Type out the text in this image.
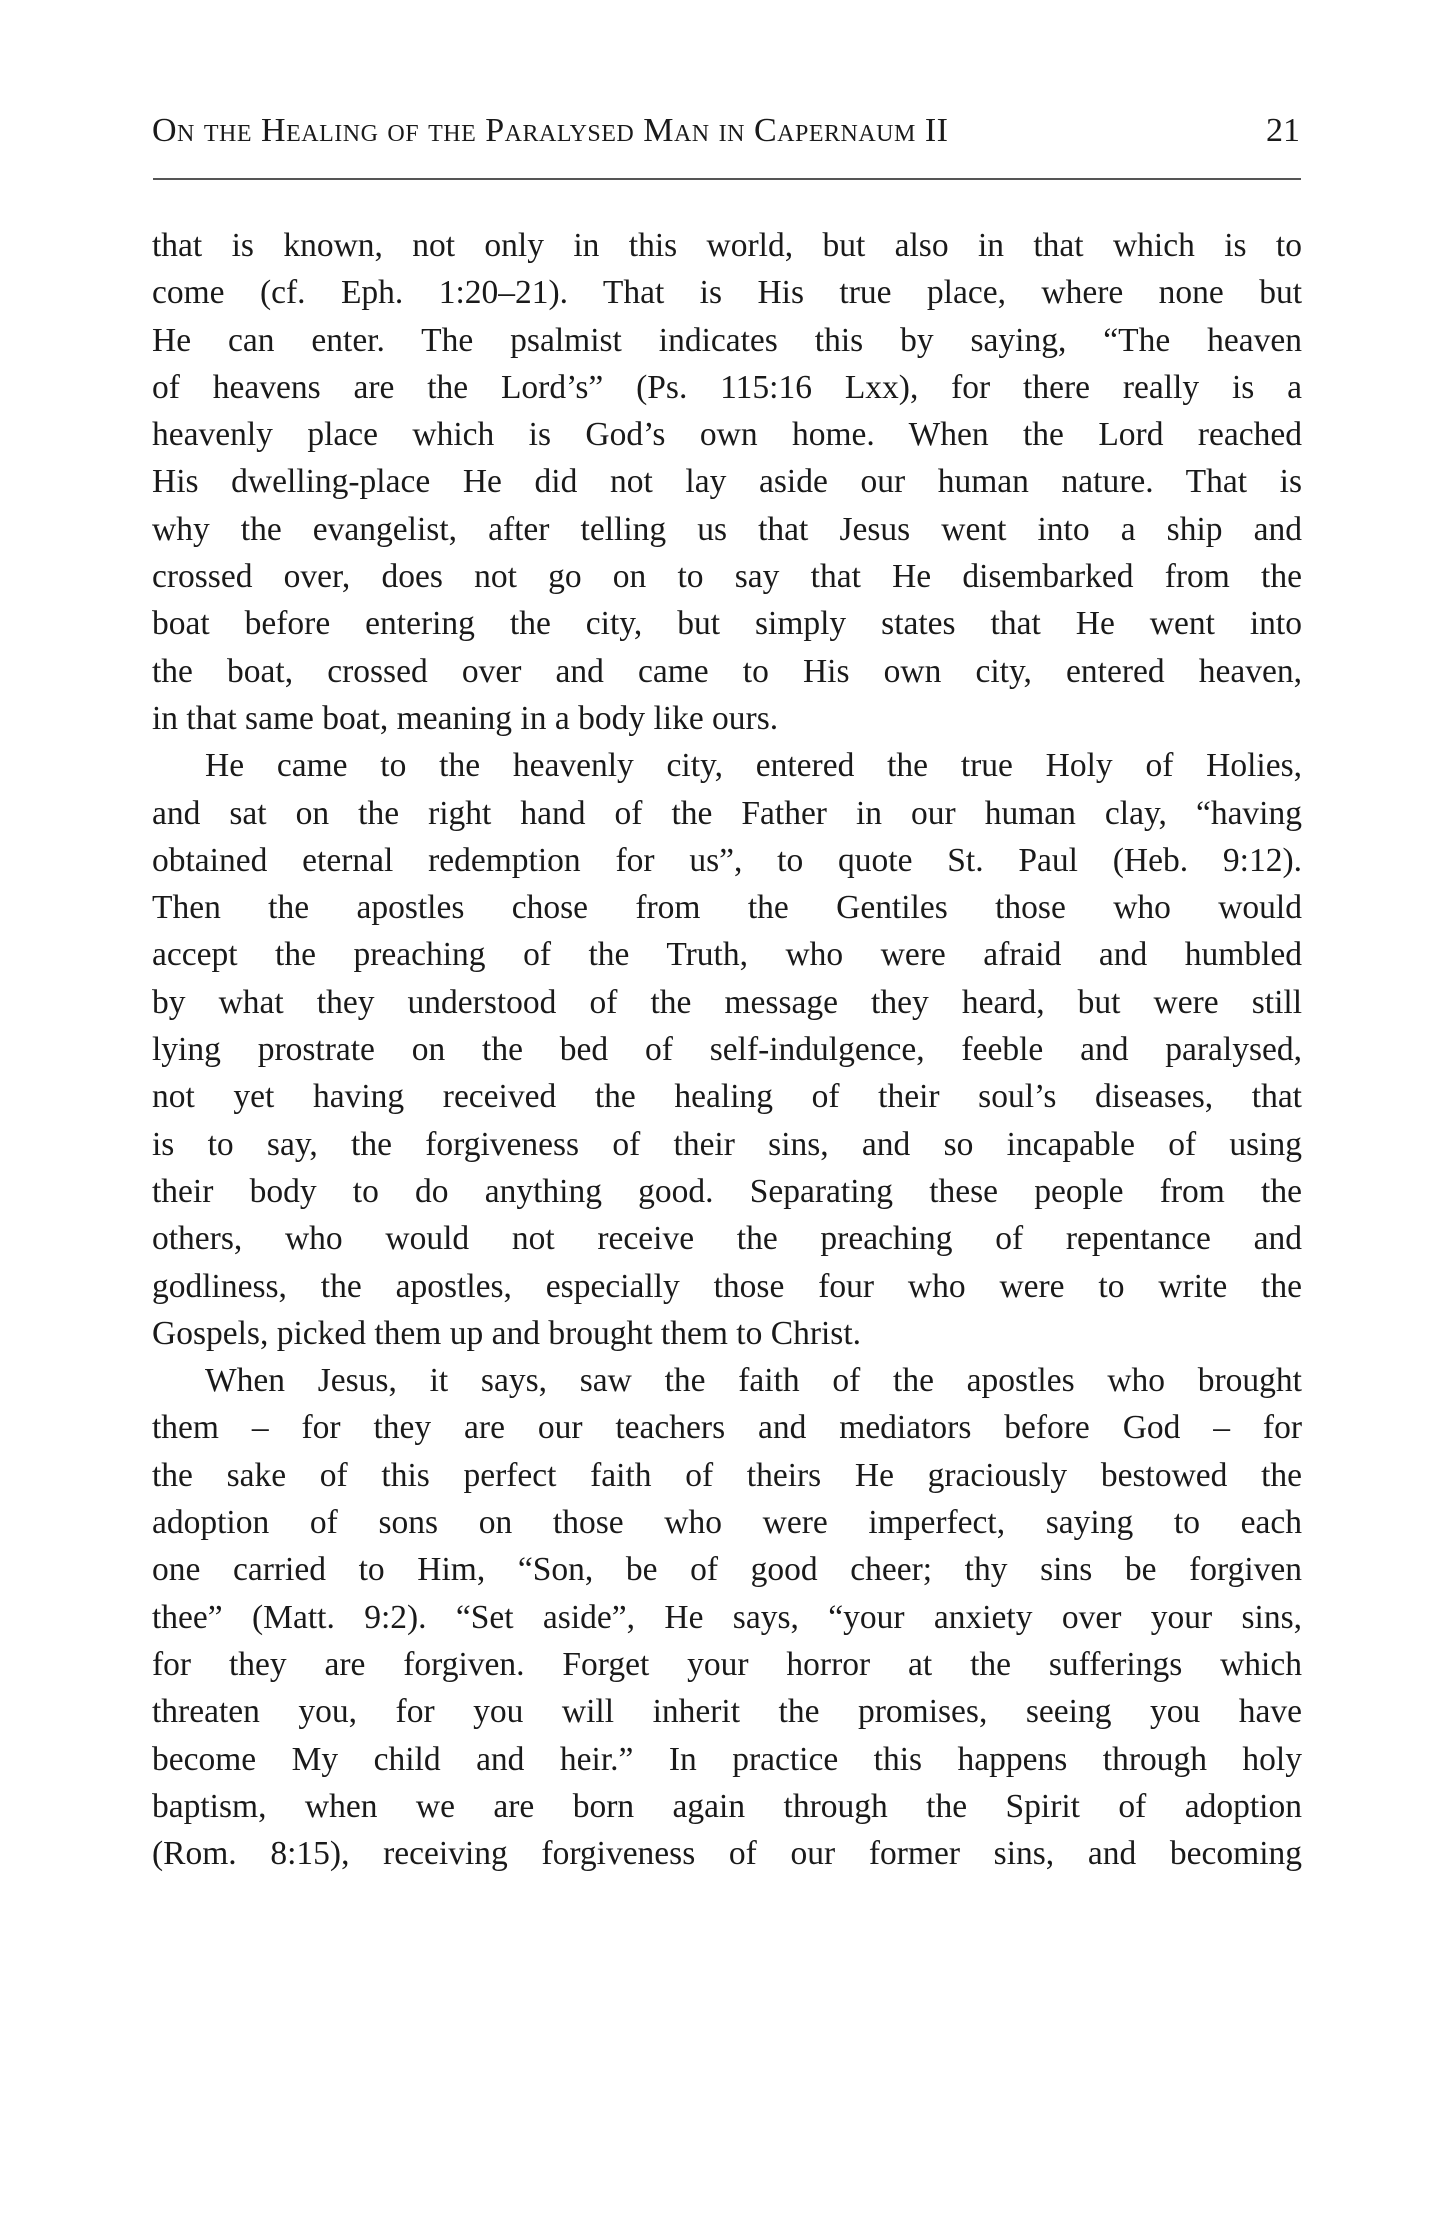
On the Healing of the Paralysed Man in Capernaum II	21
that is known, not only in this world, but also in that which is to
come (cf. Eph. 1:20–21). That is His true place, where none but
He can enter. The psalmist indicates this by saying, “The heaven
of heavens are the Lord’s” (Ps. 115:16 Lxx), for there really is a
heavenly place which is God’s own home. When the Lord reached
His dwelling-place He did not lay aside our human nature. That is
why the evangelist, after telling us that Jesus went into a ship and
crossed over, does not go on to say that He disembarked from the
boat before entering the city, but simply states that He went into
the boat, crossed over and came to His own city, entered heaven,
in that same boat, meaning in a body like ours.
He came to the heavenly city, entered the true Holy of Holies,
and sat on the right hand of the Father in our human clay, “having
obtained eternal redemption for us”, to quote St. Paul (Heb. 9:12).
Then the apostles chose from the Gentiles those who would
accept the preaching of the Truth, who were afraid and humbled
by what they understood of the message they heard, but were still
lying prostrate on the bed of self-indulgence, feeble and paralysed,
not yet having received the healing of their soul’s diseases, that
is to say, the forgiveness of their sins, and so incapable of using
their body to do anything good. Separating these people from the
others, who would not receive the preaching of repentance and
godliness, the apostles, especially those four who were to write the
Gospels, picked them up and brought them to Christ.
When Jesus, it says, saw the faith of the apostles who brought
them – for they are our teachers and mediators before God – for
the sake of this perfect faith of theirs He graciously bestowed the
adoption of sons on those who were imperfect, saying to each
one carried to Him, “Son, be of good cheer; thy sins be forgiven
thee” (Matt. 9:2). “Set aside”, He says, “your anxiety over your sins,
for they are forgiven. Forget your horror at the sufferings which
threaten you, for you will inherit the promises, seeing you have
become My child and heir.” In practice this happens through holy
baptism, when we are born again through the Spirit of adoption
(Rom. 8:15), receiving forgiveness of our former sins, and becoming
